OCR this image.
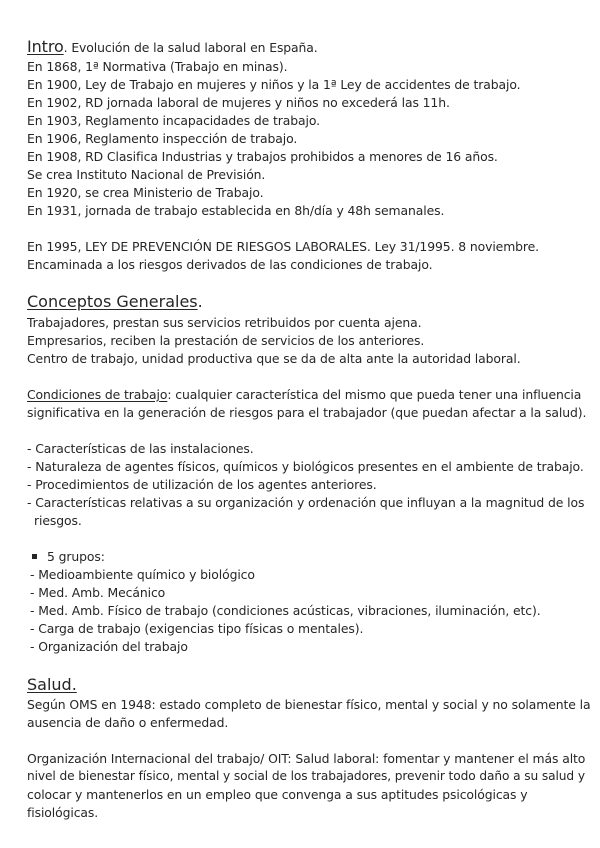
Intro. Evolución de la salud laboral en España.
En 1868, 1ª Normativa (Trabajo en minas).
En 1900, Ley de Trabajo en mujeres y niños y la 1ª Ley de accidentes de trabajo.
En 1902, RD jornada laboral de mujeres y niños no excederá las 11h.
En 1903, Reglamento incapacidades de trabajo.
En 1906, Reglamento inspección de trabajo.
En 1908, RD Clasifica Industrias y trabajos prohibidos a menores de 16 años.
Se crea Instituto Nacional de Previsión.
En 1920, se crea Ministerio de Trabajo.
En 1931, jornada de trabajo establecida en 8h/día y 48h semanales.
En 1995, LEY DE PREVENCIÓN DE RIESGOS LABORALES. Ley 31/1995. 8 noviembre.
Encaminada a los riesgos derivados de las condiciones de trabajo.
Conceptos Generales.
Trabajadores, prestan sus servicios retribuidos por cuenta ajena.
Empresarios, reciben la prestación de servicios de los anteriores.
Centro de trabajo, unidad productiva que se da de alta ante la autoridad laboral.
Condiciones de trabajo: cualquier característica del mismo que pueda tener una influencia
significativa en la generación de riesgos para el trabajador (que puedan afectar a la salud).
- Características de las instalaciones.
- Naturaleza de agentes físicos, químicos y biológicos presentes en el ambiente de trabajo.
- Procedimientos de utilización de los agentes anteriores.
- Características relativas a su organización y ordenación que influyan a la magnitud de los
riesgos.
5 grupos:
- Medioambiente químico y biológico
- Med. Amb. Mecánico
- Med. Amb. Físico de trabajo (condiciones acústicas, vibraciones, iluminación, etc).
- Carga de trabajo (exigencias tipo físicas o mentales).
- Organización del trabajo
Salud.
Según OMS en 1948: estado completo de bienestar físico, mental y social y no solamente la
ausencia de daño o enfermedad.
Organización Internacional del trabajo/ OIT: Salud laboral: fomentar y mantener el más alto
nivel de bienestar físico, mental y social de los trabajadores, prevenir todo daño a su salud y
colocar y mantenerlos en un empleo que convenga a sus aptitudes psicológicas y
fisiológicas.
